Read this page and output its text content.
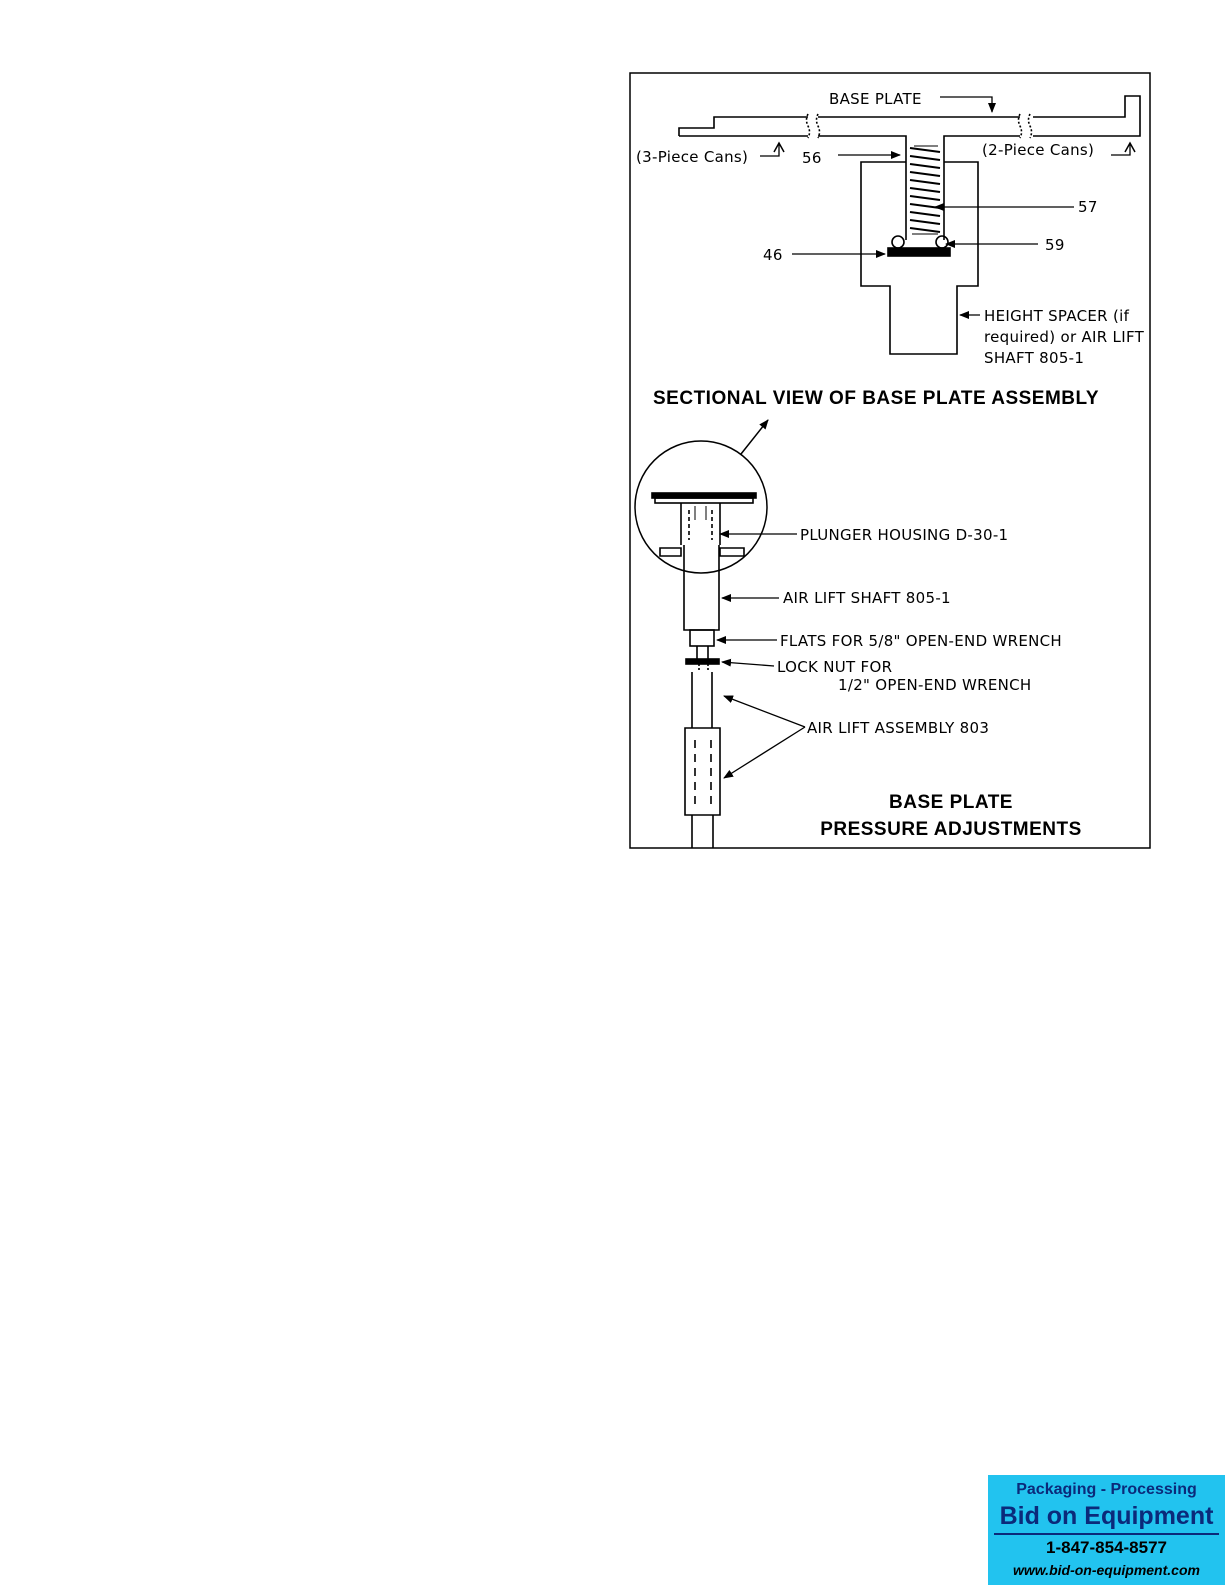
BASE PLATE
(3-Piece Cans)	(2-Piece Cans)
56
57
46
59
HEIGHT SPACER (if
required) or AIR LIFT
SHAFT 805-1
SECTIONAL VIEW OF BASE PLATE ASSEMBLY
PLUNGER HOUSING D-30-1
AIR LIFT SHAFT 805-1
FLATS FOR 5/8" OPEN-END WRENCH
LOCK NUT FOR
1/2" OPEN-END WRENCH
AIR LIFT ASSEMBLY 803
BASE PLATE
PRESSURE ADJUSTMENTS
Packaging - Processing
Bid on Equipment
1-847-854-8577
www.bid-on-equipment.com
